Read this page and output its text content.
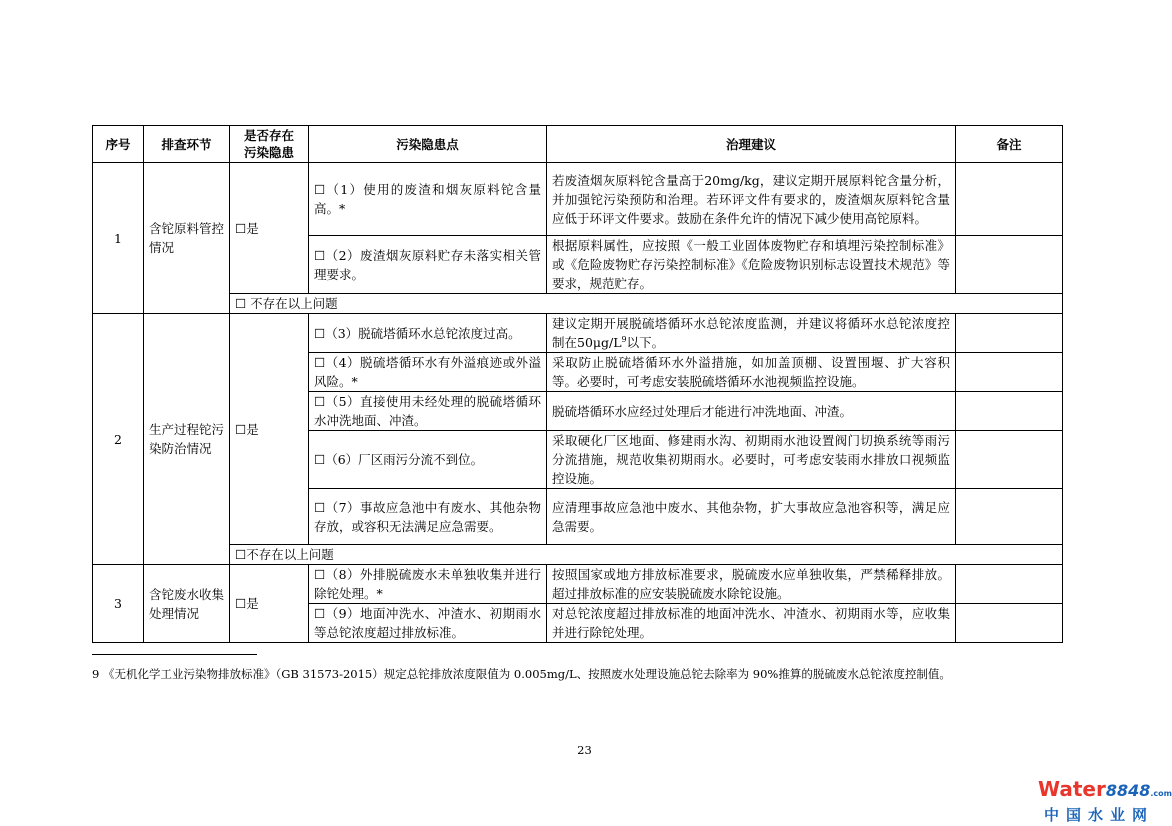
序号	排查环节	是否存在污染隐患	污染隐患点	治理建议	备注
1	含铊原料管控情况	☐是	☐（1）使用的废渣和烟灰原料铊含量高。*	若废渣烟灰原料铊含量高于20mg/kg，建议定期开展原料铊含量分析，并加强铊污染预防和治理。若环评文件有要求的，废渣烟灰原料铊含量应低于环评文件要求。鼓励在条件允许的情况下减少使用高铊原料。	
			☐（2）废渣烟灰原料贮存未落实相关管理要求。	根据原料属性，应按照《一般工业固体废物贮存和填埋污染控制标准》或《危险废物贮存污染控制标准》《危险废物识别标志设置技术规范》等要求，规范贮存。	
		☐ 不存在以上问题			
2	生产过程铊污染防治情况	☐是	☐（3）脱硫塔循环水总铊浓度过高。	建议定期开展脱硫塔循环水总铊浓度监测，并建议将循环水总铊浓度控制在$50\mu g/L^9$以下。	
			☐（4）脱硫塔循环水有外溢痕迹或外溢风险。*	采取防止脱硫塔循环水外溢措施，如加盖顶棚、设置围堰、扩大容积等。必要时，可考虑安装脱硫塔循环水池视频监控设施。	
			☐（5）直接使用未经处理的脱硫塔循环水冲洗地面、冲渣。	脱硫塔循环水应经过处理后才能进行冲洗地面、冲渣。	
			☐（6）厂区雨污分流不到位。	采取硬化厂区地面、修建雨水沟、初期雨水池设置阀门切换系统等雨污分流措施，规范收集初期雨水。必要时，可考虑安装雨水排放口视频监控设施。	
			☐（7）事故应急池中有废水、其他杂物存放，或容积无法满足应急需要。	应清理事故应急池中废水、其他杂物，扩大事故应急池容积等，满足应急需要。	
		☐不存在以上问题			
3	含铊废水收集处理情况	☐是	☐（8）外排脱硫废水未单独收集并进行除铊处理。*	按照国家或地方排放标准要求，脱硫废水应单独收集，严禁稀释排放。超过排放标准的应安装脱硫废水除铊设施。	
			☐（9）地面冲洗水、冲渣水、初期雨水等总铊浓度超过排放标准。	对总铊浓度超过排放标准的地面冲洗水、冲渣水、初期雨水等，应收集并进行除铊处理。	
9 《无机化学工业污染物排放标准》（GB 31573-2015）规定总铊排放浓度限值为 0.005mg/L、按照废水处理设施总铊去除率为 90%推算的脱硫废水总铊浓度控制值。
23
Water8848.com
中国水业网
